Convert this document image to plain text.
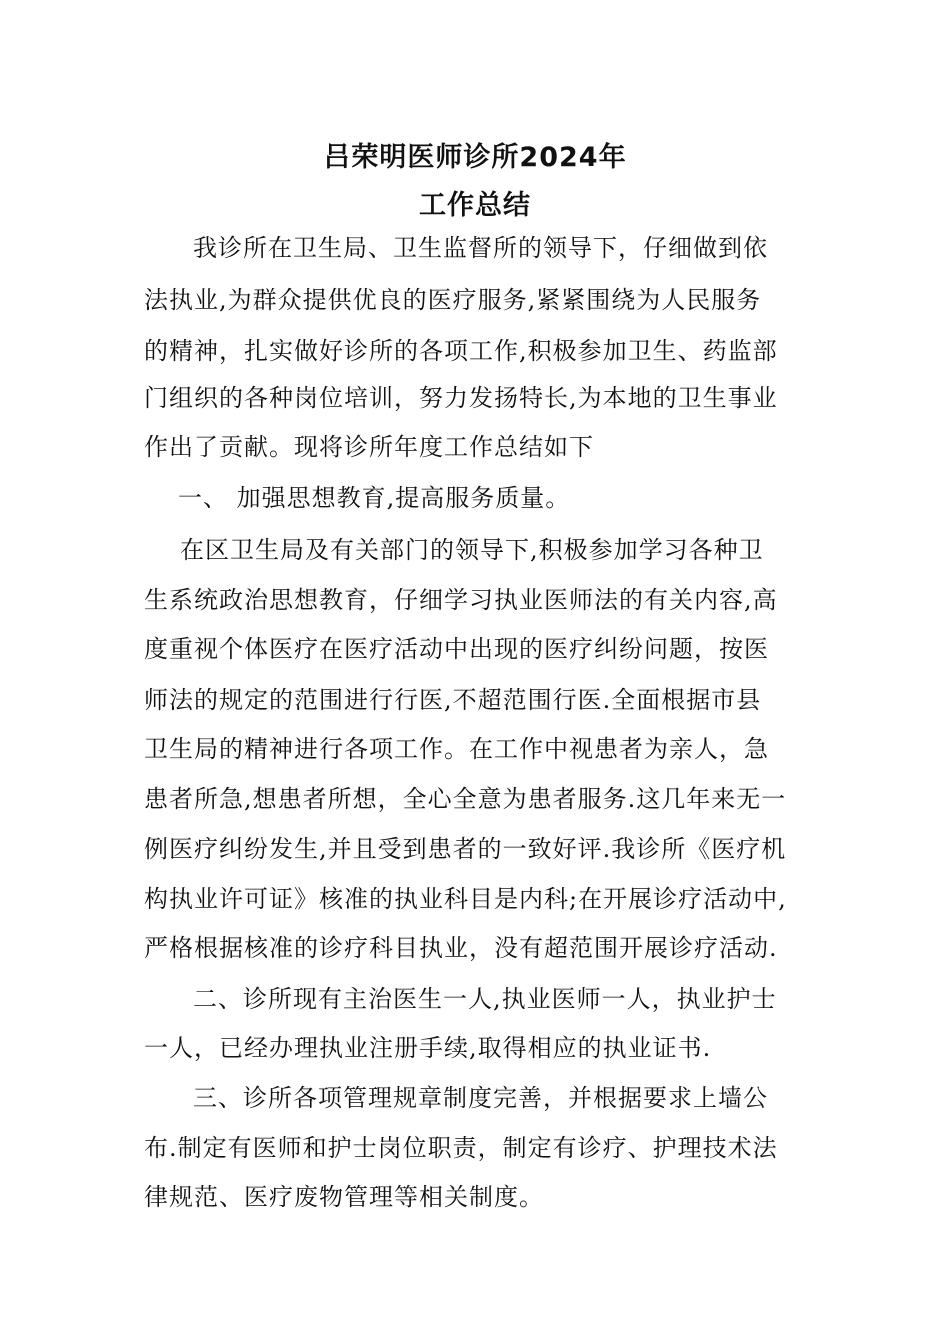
吕荣明医师诊所2024年
工作总结
我诊所在卫生局、卫生监督所的领导下，仔细做到依
法执业,为群众提供优良的医疗服务,紧紧围绕为人民服务
的精神，扎实做好诊所的各项工作,积极参加卫生、药监部
门组织的各种岗位培训，努力发扬特长,为本地的卫生事业
作出了贡献。现将诊所年度工作总结如下
一、 加强思想教育,提高服务质量。
在区卫生局及有关部门的领导下,积极参加学习各种卫
生系统政治思想教育，仔细学习执业医师法的有关内容,高
度重视个体医疗在医疗活动中出现的医疗纠纷问题，按医
师法的规定的范围进行行医,不超范围行医.全面根据市县
卫生局的精神进行各项工作。在工作中视患者为亲人，急
患者所急,想患者所想，全心全意为患者服务.这几年来无一
例医疗纠纷发生,并且受到患者的一致好评.我诊所《医疗机
构执业许可证》核准的执业科目是内科;在开展诊疗活动中,
严格根据核准的诊疗科目执业，没有超范围开展诊疗活动.
二、诊所现有主治医生一人,执业医师一人，执业护士
一人，已经办理执业注册手续,取得相应的执业证书.
三、诊所各项管理规章制度完善，并根据要求上墙公
布.制定有医师和护士岗位职责，制定有诊疗、护理技术法
律规范、医疗废物管理等相关制度。
